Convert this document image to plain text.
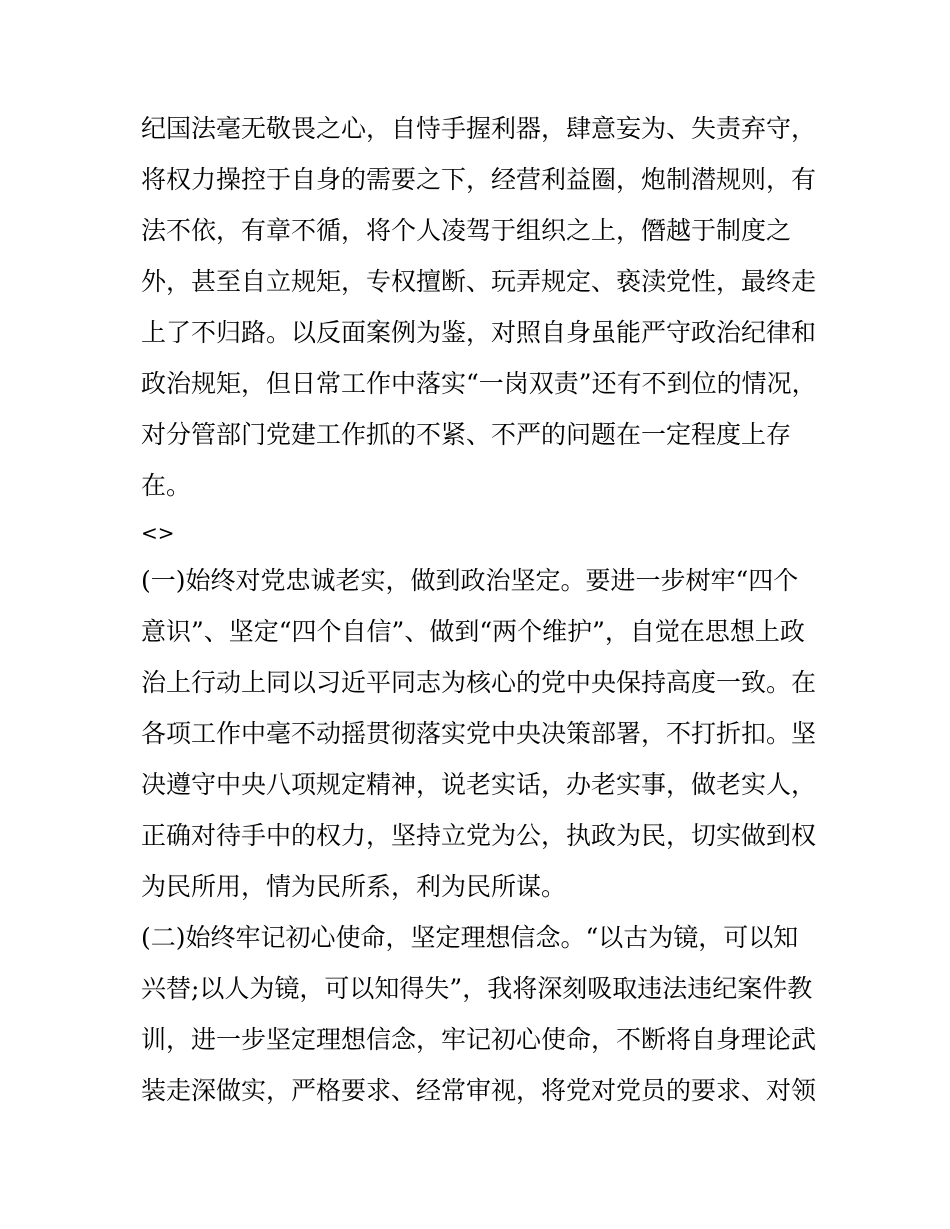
纪国法毫无敬畏之心，自恃手握利器，肆意妄为、失责弃守，
将权力操控于自身的需要之下，经营利益圈，炮制潜规则，有
法不依，有章不循，将个人凌驾于组织之上，僭越于制度之
外，甚至自立规矩，专权擅断、玩弄规定、亵渎党性，最终走
上了不归路。以反面案例为鉴，对照自身虽能严守政治纪律和
政治规矩，但日常工作中落实“一岗双责”还有不到位的情况，
对分管部门党建工作抓的不紧、不严的问题在一定程度上存
在。

<>

(一)始终对党忠诚老实，做到政治坚定。要进一步树牢“四个
意识”、坚定“四个自信”、做到“两个维护”，自觉在思想上政
治上行动上同以习近平同志为核心的党中央保持高度一致。在
各项工作中毫不动摇贯彻落实党中央决策部署，不打折扣。坚
决遵守中央八项规定精神，说老实话，办老实事，做老实人，
正确对待手中的权力，坚持立党为公，执政为民，切实做到权
为民所用，情为民所系，利为民所谋。

(二)始终牢记初心使命，坚定理想信念。“以古为镜，可以知
兴替;以人为镜，可以知得失”，我将深刻吸取违法违纪案件教
训，进一步坚定理想信念，牢记初心使命，不断将自身理论武
装走深做实，严格要求、经常审视，将党对党员的要求、对领
